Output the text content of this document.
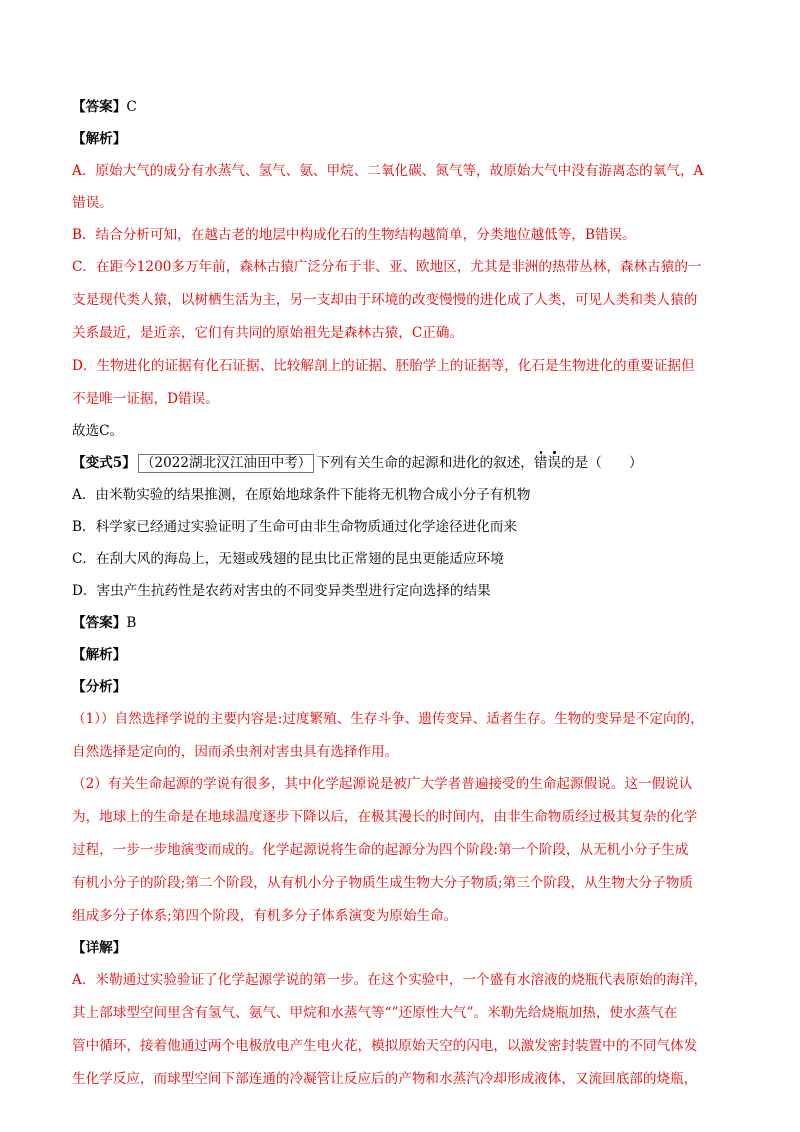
【答案】C

【解析】

A．原始大气的成分有水蒸气、氢气、氨、甲烷、二氧化碳、氮气等，故原始大气中没有游离态的氧气，A

错误。

B．结合分析可知，在越古老的地层中构成化石的生物结构越简单，分类地位越低等，B错误。

C．在距今1200多万年前，森林古猿广泛分布于非、亚、欧地区，尤其是非洲的热带丛林，森林古猿的一

支是现代类人猿，以树栖生活为主，另一支却由于环境的改变慢慢的进化成了人类，可见人类和类人猿的

关系最近，是近亲，它们有共同的原始祖先是森林古猿，C正确。

D．生物进化的证据有化石证据、比较解剖上的证据、胚胎学上的证据等，化石是生物进化的重要证据但

不是唯一证据，D错误。

故选C。

【变式5】 （2022湖北汉江油田中考） 下列有关生命的起源和进化的叙述，错误的是（　　）

A．由米勒实验的结果推测，在原始地球条件下能将无机物合成小分子有机物

B．科学家已经通过实验证明了生命可由非生命物质通过化学途径进化而来

C．在刮大风的海岛上，无翅或残翅的昆虫比正常翅的昆虫更能适应环境

D．害虫产生抗药性是农药对害虫的不同变异类型进行定向选择的结果

【答案】B

【解析】

【分析】

（1））自然选择学说的主要内容是:过度繁殖、生存斗争、遗传变异、适者生存。生物的变异是不定向的，

自然选择是定向的，因而杀虫剂对害虫具有选择作用。

（2）有关生命起源的学说有很多，其中化学起源说是被广大学者普遍接受的生命起源假说。这一假说认

为，地球上的生命是在地球温度逐步下降以后，在极其漫长的时间内，由非生命物质经过极其复杂的化学

过程，一步一步地演变而成的。化学起源说将生命的起源分为四个阶段:第一个阶段，从无机小分子生成

有机小分子的阶段;第二个阶段，从有机小分子物质生成生物大分子物质;第三个阶段，从生物大分子物质

组成多分子体系;第四个阶段，有机多分子体系演变为原始生命。

【详解】

A．米勒通过实验验证了化学起源学说的第一步。在这个实验中，一个盛有水溶液的烧瓶代表原始的海洋，

其上部球型空间里含有氢气、氨气、甲烷和水蒸气等“”还原性大气”。米勒先给烧瓶加热，使水蒸气在

管中循环，接着他通过两个电极放电产生电火花，模拟原始天空的闪电，以激发密封装置中的不同气体发

生化学反应，而球型空间下部连通的冷凝管让反应后的产物和水蒸汽冷却形成液体，又流回底部的烧瓶，
